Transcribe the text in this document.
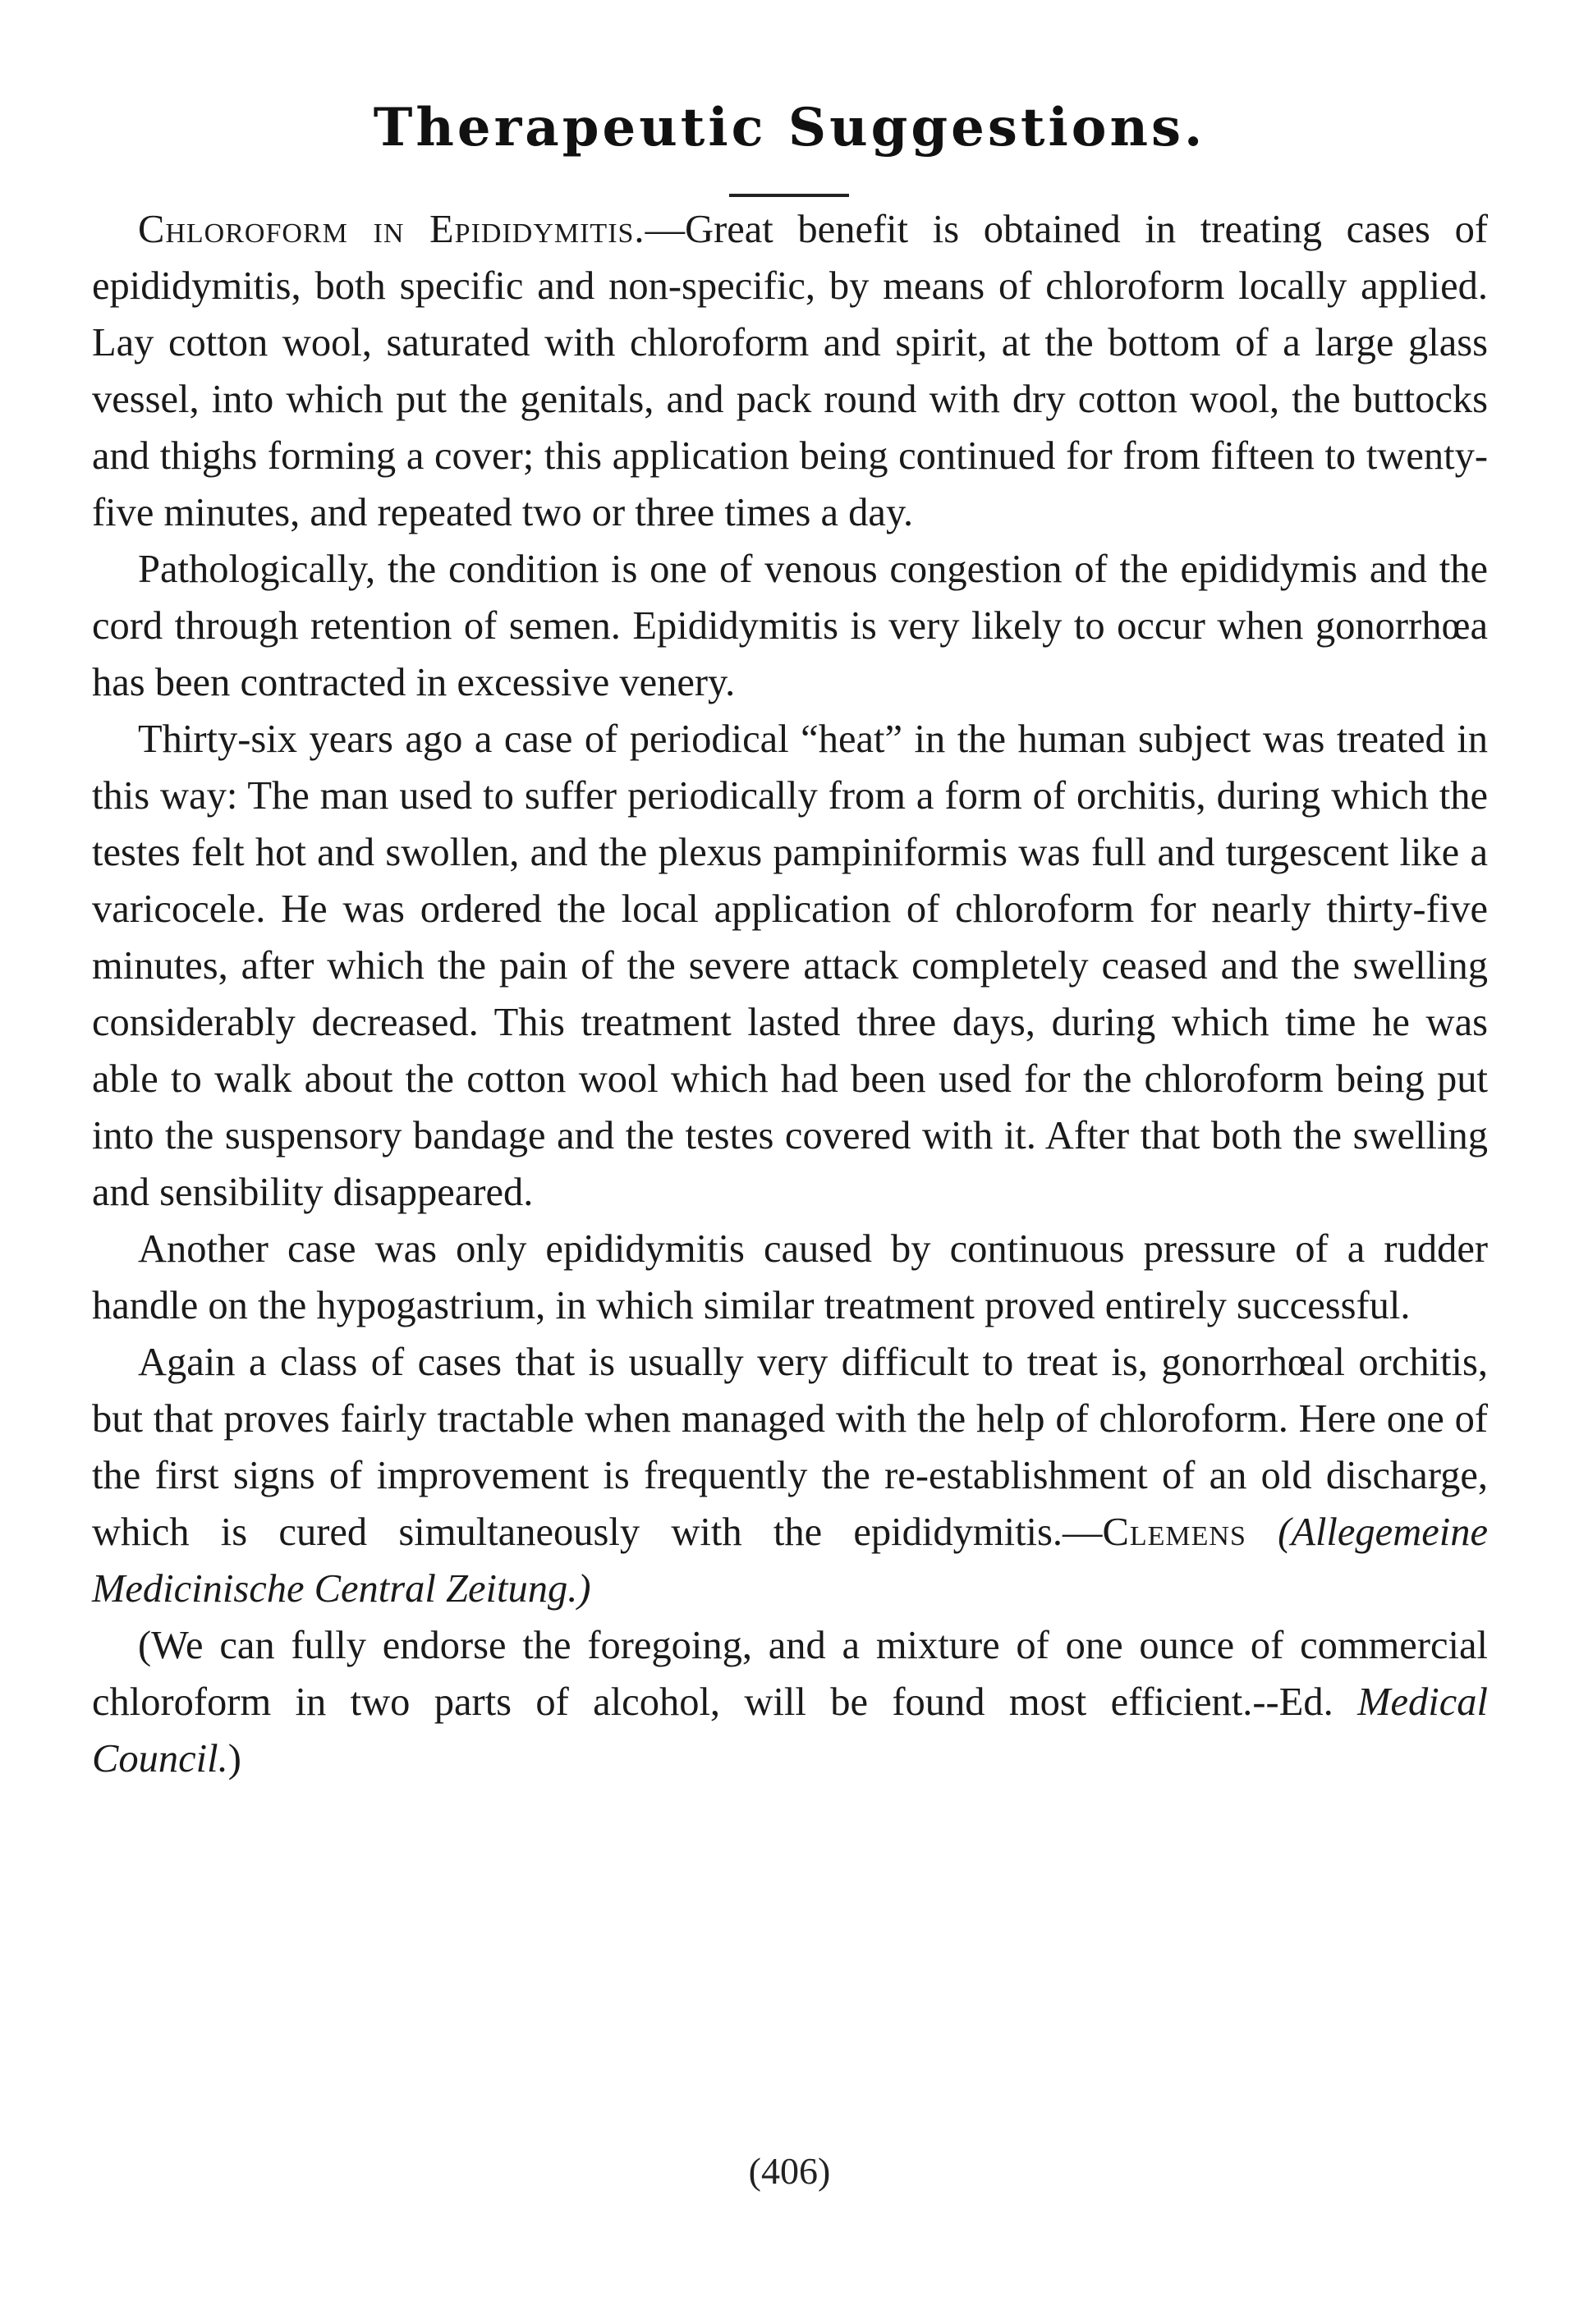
Therapeutic Suggestions.

Chloroform in Epididymitis.—Great benefit is obtained in treating cases of epididymitis, both specific and non-specific, by means of chloroform locally applied. Lay cotton wool, saturated with chloroform and spirit, at the bottom of a large glass vessel, into which put the genitals, and pack round with dry cotton wool, the buttocks and thighs forming a cover; this application being continued for from fifteen to twenty-five minutes, and repeated two or three times a day.

Pathologically, the condition is one of venous congestion of the epididymis and the cord through retention of semen. Epididymitis is very likely to occur when gonorrhœa has been contracted in excessive venery.

Thirty-six years ago a case of periodical “heat” in the human subject was treated in this way: The man used to suffer periodically from a form of orchitis, during which the testes felt hot and swollen, and the plexus pampiniformis was full and turgescent like a varicocele. He was ordered the local application of chloroform for nearly thirty-five minutes, after which the pain of the severe attack completely ceased and the swelling considerably decreased. This treatment lasted three days, during which time he was able to walk about the cotton wool which had been used for the chloroform being put into the suspensory bandage and the testes covered with it. After that both the swelling and sensibility disappeared.

Another case was only epididymitis caused by continuous pressure of a rudder handle on the hypogastrium, in which similar treatment proved entirely successful.

Again a class of cases that is usually very difficult to treat is, gonorrhœal orchitis, but that proves fairly tractable when managed with the help of chloroform. Here one of the first signs of improvement is frequently the re-establishment of an old discharge, which is cured simultaneously with the epididymitis.—Clemens (Allegemeine Medicinische Central Zeitung.)

(We can fully endorse the foregoing, and a mixture of one ounce of commercial chloroform in two parts of alcohol, will be found most efficient.--Ed. Medical Council.)

(406)
